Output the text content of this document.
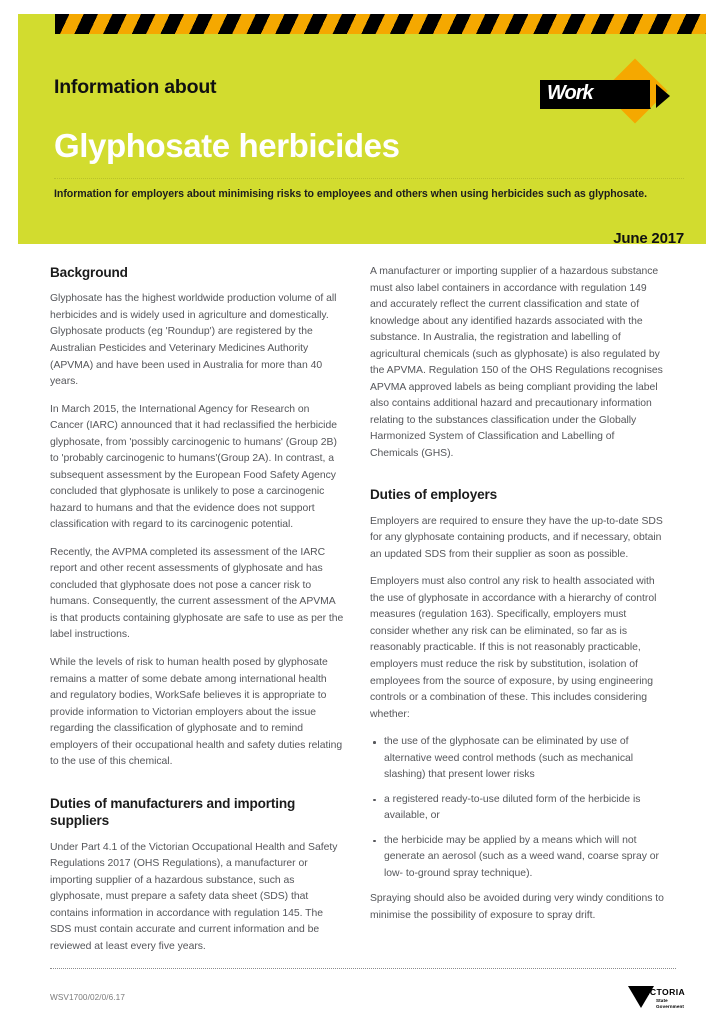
Information about
Glyphosate herbicides
Information for employers about minimising risks to employees and others when using herbicides such as glyphosate.
June 2017
Work Safe
VICTORIA
Background

Glyphosate has the highest worldwide production volume of all herbicides and is widely used in agriculture and domestically. Glyphosate products (eg 'Roundup') are registered by the Australian Pesticides and Veterinary Medicines Authority (APVMA) and have been used in Australia for more than 40 years.

In March 2015, the International Agency for Research on Cancer (IARC) announced that it had reclassified the herbicide glyphosate, from 'possibly carcinogenic to humans' (Group 2B) to 'probably carcinogenic to humans'(Group 2A). In contrast, a subsequent assessment by the European Food Safety Agency concluded that glyphosate is unlikely to pose a carcinogenic hazard to humans and that the evidence does not support classification with regard to its carcinogenic potential.

Recently, the AVPMA completed its assessment of the IARC report and other recent assessments of glyphosate and has concluded that glyphosate does not pose a cancer risk to humans. Consequently, the current assessment of the APVMA is that products containing glyphosate are safe to use as per the label instructions.

While the levels of risk to human health posed by glyphosate remains a matter of some debate among international health and regulatory bodies, WorkSafe believes it is appropriate to provide information to Victorian employers about the issue regarding the classification of glyphosate and to remind employers of their occupational health and safety duties relating to the use of this chemical.

Duties of manufacturers and importing suppliers

Under Part 4.1 of the Victorian Occupational Health and Safety Regulations 2017 (OHS Regulations), a manufacturer or importing supplier of a hazardous substance, such as glyphosate, must prepare a safety data sheet (SDS) that contains information in accordance with regulation 145. The SDS must contain accurate and current information and be reviewed at least every five years.

A manufacturer or importing supplier of a hazardous substance must also label containers in accordance with regulation 149 and accurately reflect the current classification and state of knowledge about any identified hazards associated with the substance. In Australia, the registration and labelling of agricultural chemicals (such as glyphosate) is also regulated by the APVMA. Regulation 150 of the OHS Regulations recognises APVMA approved labels as being compliant providing the label also contains additional hazard and precautionary information relating to the substances classification under the Globally Harmonized System of Classification and Labelling of Chemicals (GHS).

Duties of employers

Employers are required to ensure they have the up-to-date SDS for any glyphosate containing products, and if necessary, obtain an updated SDS from their supplier as soon as possible.

Employers must also control any risk to health associated with the use of glyphosate in accordance with a hierarchy of control measures (regulation 163). Specifically, employers must consider whether any risk can be eliminated, so far as is reasonably practicable. If this is not reasonably practicable, employers must reduce the risk by substitution, isolation of employees from the source of exposure, by using engineering controls or a combination of these. This includes considering whether:

the use of the glyphosate can be eliminated by use of alternative weed control methods (such as mechanical slashing) that present lower risks
a registered ready-to-use diluted form of the herbicide is available, or
the herbicide may be applied by a means which will not generate an aerosol (such as a weed wand, coarse spray or low- to-ground spray technique).

Spraying should also be avoided during very windy conditions to minimise the possibility of exposure to spray drift.

WSV1700/02/0/6.17
VICTORIA
State
Government
